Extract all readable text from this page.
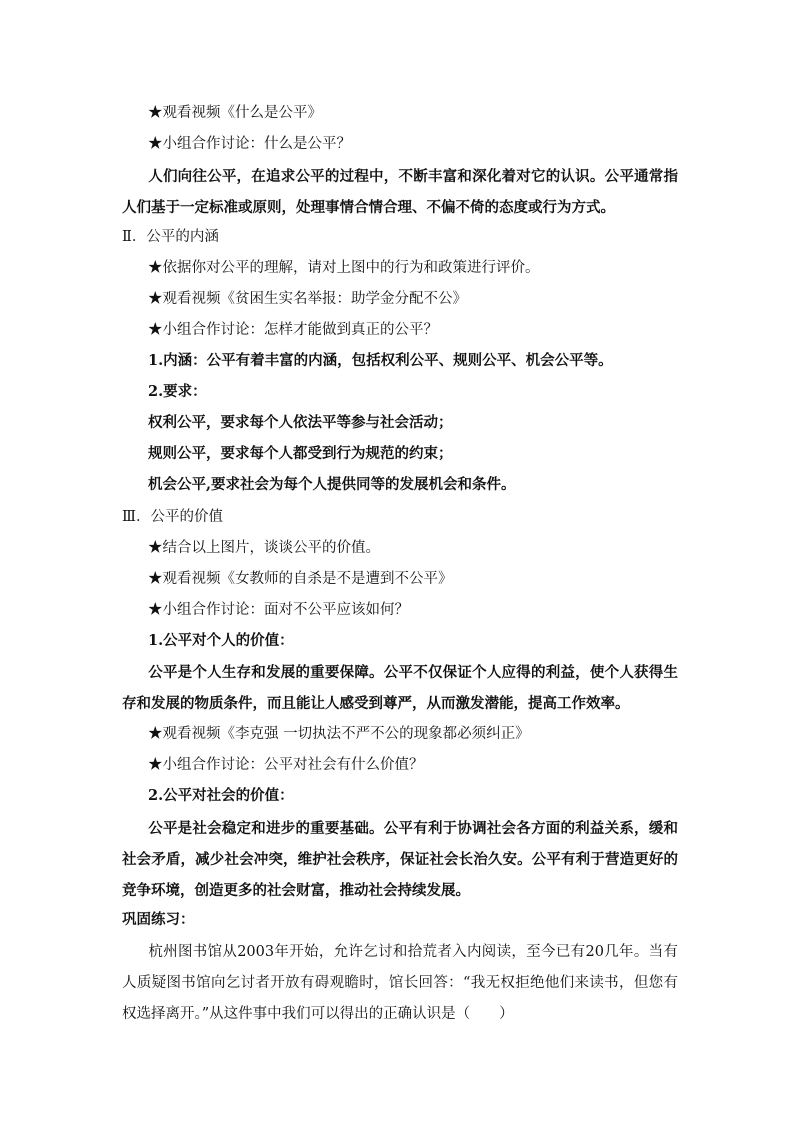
★观看视频《什么是公平》
★小组合作讨论：什么是公平？
人们向往公平，在追求公平的过程中，不断丰富和深化着对它的认识。公平通常指人们基于一定标准或原则，处理事情合情合理、不偏不倚的态度或行为方式。
Ⅱ．公平的内涵
★依据你对公平的理解，请对上图中的行为和政策进行评价。
★观看视频《贫困生实名举报：助学金分配不公》
★小组合作讨论：怎样才能做到真正的公平？
1.内涵：公平有着丰富的内涵，包括权利公平、规则公平、机会公平等。
2.要求：
权利公平，要求每个人依法平等参与社会活动；
规则公平，要求每个人都受到行为规范的约束；
机会公平,要求社会为每个人提供同等的发展机会和条件。
Ⅲ．公平的价值
★结合以上图片，谈谈公平的价值。
★观看视频《女教师的自杀是不是遭到不公平》
★小组合作讨论：面对不公平应该如何？
1.公平对个人的价值：
公平是个人生存和发展的重要保障。公平不仅保证个人应得的利益，使个人获得生存和发展的物质条件，而且能让人感受到尊严，从而激发潜能，提高工作效率。
★观看视频《李克强 一切执法不严不公的现象都必须纠正》
★小组合作讨论：公平对社会有什么价值？
2.公平对社会的价值：
公平是社会稳定和进步的重要基础。公平有利于协调社会各方面的利益关系，缓和社会矛盾，减少社会冲突，维护社会秩序，保证社会长治久安。公平有利于营造更好的竞争环境，创造更多的社会财富，推动社会持续发展。
巩固练习：
杭州图书馆从2003年开始，允许乞讨和拾荒者入内阅读，至今已有20几年。当有人质疑图书馆向乞讨者开放有碍观瞻时，馆长回答：“我无权拒绝他们来读书，但您有权选择离开。”从这件事中我们可以得出的正确认识是（　　）
